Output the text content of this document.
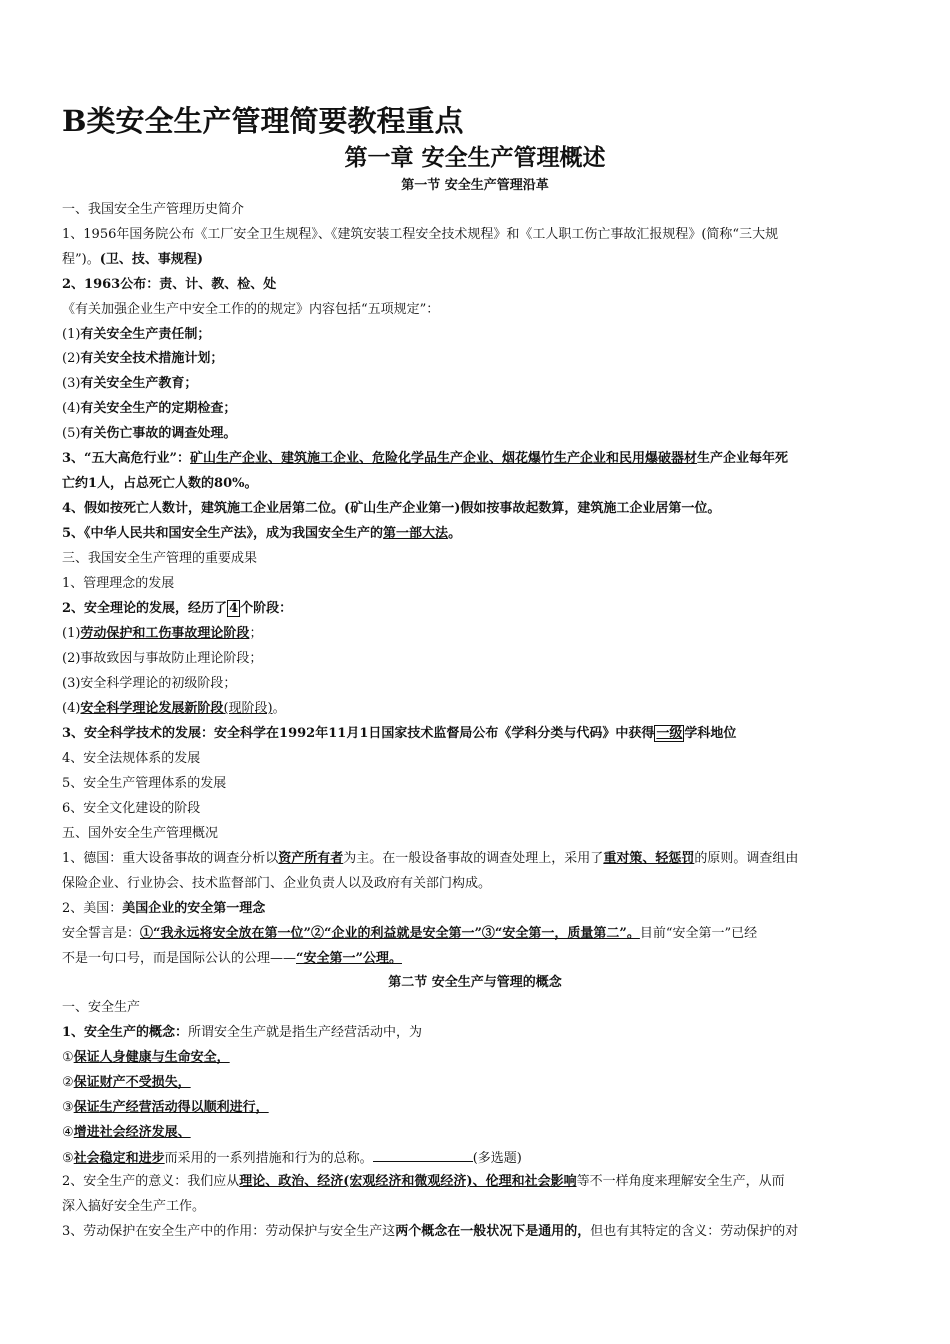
B类安全生产管理简要教程重点
第一章 安全生产管理概述
第一节 安全生产管理沿革
一、我国安全生产管理历史简介
1、1956年国务院公布《工厂安全卫生规程》、《建筑安装工程安全技术规程》和《工人职工伤亡事故汇报规程》(简称“三大规
程”)。(卫、技、事规程)
2、1963公布：责、计、教、检、处
《有关加强企业生产中安全工作的的规定》内容包括“五项规定”：
(1)有关安全生产责任制；
(2)有关安全技术措施计划；
(3)有关安全生产教育；
(4)有关安全生产的定期检查；
(5)有关伤亡事故的调查处理。
3、“五大高危行业”：矿山生产企业、建筑施工企业、危险化学品生产企业、烟花爆竹生产企业和民用爆破器材生产企业每年死
亡约1人，占总死亡人数的80%。
4、假如按死亡人数计，建筑施工企业居第二位。(矿山生产企业第一)假如按事故起数算，建筑施工企业居第一位。
5、《中华人民共和国安全生产法》，成为我国安全生产的第一部大法。
三、我国安全生产管理的重要成果
1、管理理念的发展
2、安全理论的发展，经历了 4 个阶段：
(1)劳动保护和工伤事故理论阶段；
(2)事故致因与事故防止理论阶段；
(3)安全科学理论的初级阶段；
(4)安全科学理论发展新阶段(现阶段)。
3、安全科学技术的发展：安全科学在1992年11月1日国家技术监督局公布《学科分类与代码》中获得 一级 学科地位
4、安全法规体系的发展
5、安全生产管理体系的发展
6、安全文化建设的阶段
五、国外安全生产管理概况
1、德国：重大设备事故的调查分析以资产所有者为主。在一般设备事故的调查处理上，采用了重对策、轻惩罚的原则。调查组由
保险企业、行业协会、技术监督部门、企业负责人以及政府有关部门构成。
2、美国：美国企业的安全第一理念
安全誓言是：①“我永远将安全放在第一位”②“企业的利益就是安全第一”③“安全第一，质量第二”。目前“安全第一”已经
不是一句口号，而是国际公认的公理——“安全第一”公理。
第二节 安全生产与管理的概念
一、安全生产
1、安全生产的概念：所谓安全生产就是指生产经营活动中，为
①保证人身健康与生命安全，
②保证财产不受损失，
③保证生产经营活动得以顺利进行，
④增进社会经济发展、
⑤社会稳定和进步而采用的一系列措施和行为的总称。	(多选题)
2、安全生产的意义：我们应从理论、政治、经济(宏观经济和微观经济)、伦理和社会影响等不一样角度来理解安全生产，从而
深入搞好安全生产工作。
3、劳动保护在安全生产中的作用：劳动保护与安全生产这两个概念在一般状况下是通用的，但也有其特定的含义：劳动保护的对
